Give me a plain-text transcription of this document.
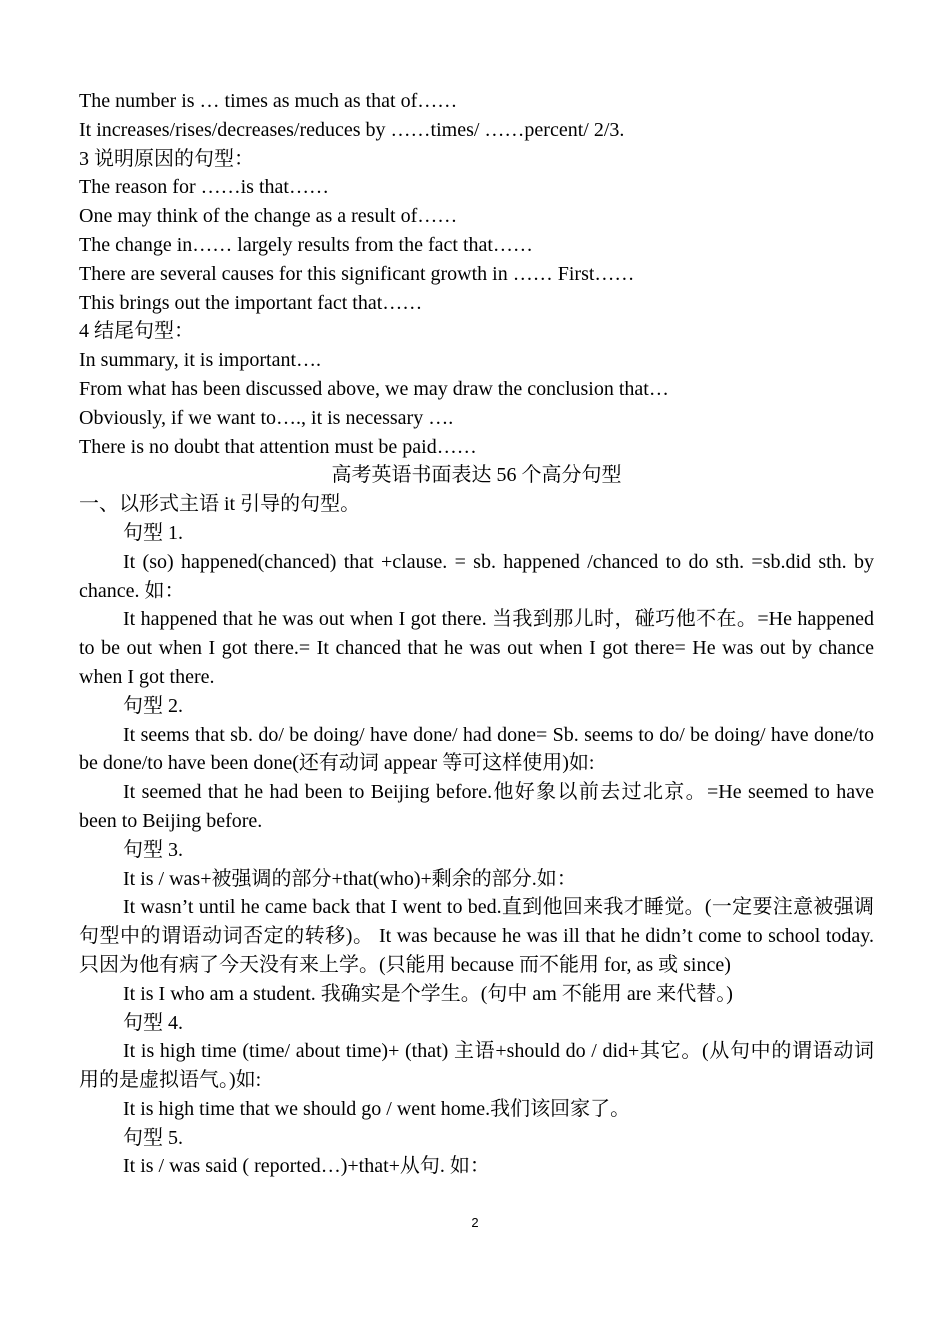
The number is … times as much as that of……
It increases/rises/decreases/reduces by ……times/ ……percent/ 2/3.
3 说明原因的句型：
The reason for ……is that……
One may think of the change as a result of……
The change in…… largely results from the fact that……
There are several causes for this significant growth in …… First……
This brings out the important fact that……
4 结尾句型：
In summary, it is important….
From what has been discussed above, we may draw the conclusion that…
Obviously, if we want to…., it is necessary ….
There is no doubt that attention must be paid……
高考英语书面表达 56 个高分句型
一、以形式主语 it 引导的句型。
句型 1.
It (so) happened(chanced) that +clause. = sb. happened /chanced to do sth. =sb.did sth. by chance. 如：
It happened that he was out when I got there. 当我到那儿时，碰巧他不在。=He happened to be out when I got there.= It chanced that he was out when I got there= He was out by chance when I got there.
句型 2.
It seems that sb. do/ be doing/ have done/ had done= Sb. seems to do/ be doing/ have done/to be done/to have been done(还有动词 appear 等可这样使用)如:
It seemed that he had been to Beijing before.他好象以前去过北京。=He seemed to have been to Beijing before.
句型 3.
It is / was+被强调的部分+that(who)+剩余的部分.如：
It wasn’t until he came back that I went to bed.直到他回来我才睡觉。(一定要注意被强调句型中的谓语动词否定的转移)。 It was because he was ill that he didn’t come to school today.只因为他有病了今天没有来上学。(只能用 because 而不能用 for, as 或 since)
It is I who am a student. 我确实是个学生。(句中 am 不能用 are 来代替。)
句型 4.
It is high time (time/ about time)+ (that) 主语+should do / did+其它。(从句中的谓语动词用的是虚拟语气。)如:
It is high time that we should go / went home.我们该回家了。
句型 5.
It is / was said ( reported…)+that+从句. 如：
2
